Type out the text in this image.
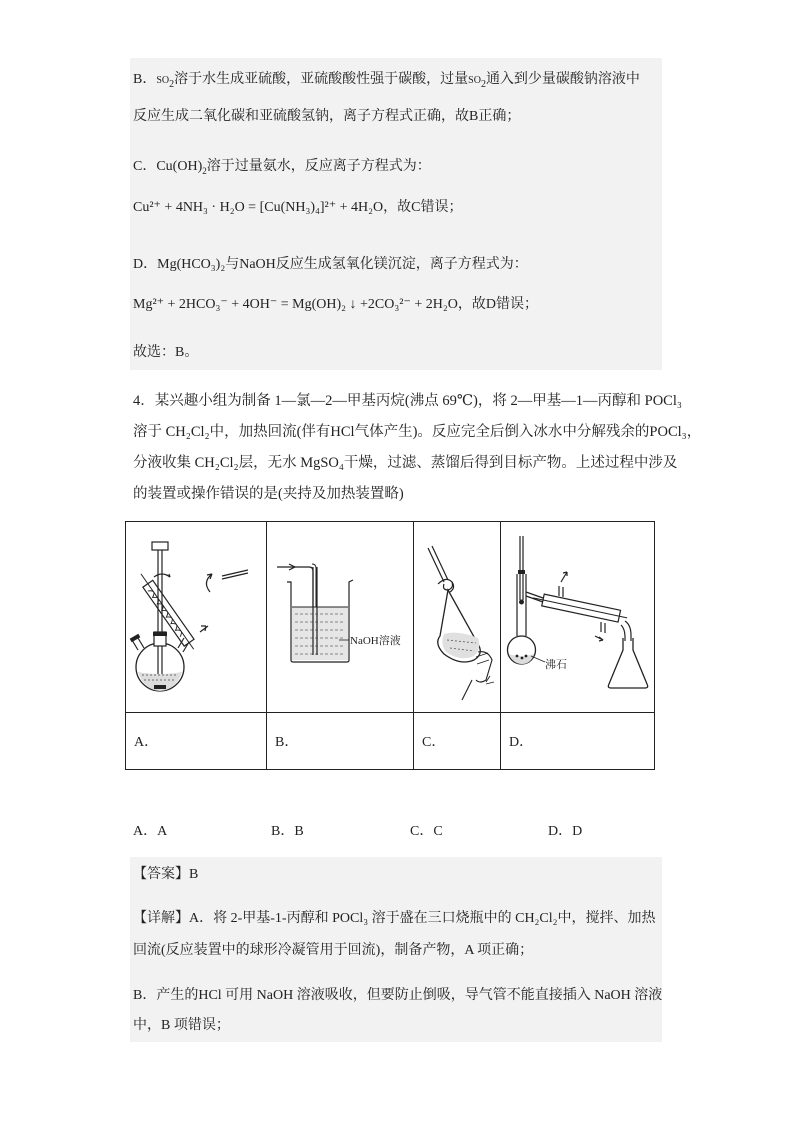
B．$SO_2$溶于水生成亚硫酸，亚硫酸酸性强于碳酸，过量$SO_2$通入到少量碳酸钠溶液中
反应生成二氧化碳和亚硫酸氢钠，离子方程式正确，故B正确；
C．$Cu(OH)_2$溶于过量氨水，反应离子方程式为：
Cu²⁺ + 4NH₃ · H₂O = [Cu(NH₃)₄]²⁺ + 4H₂O，故C错误；
D．Mg(HCO₃)₂与NaOH反应生成氢氧化镁沉淀，离子方程式为：
Mg²⁺ + 2HCO₃⁻ + 4OH⁻ = Mg(OH)₂ ↓ +2CO₃²⁻ + 2H₂O，故D错误；
故选：B。
4．某兴趣小组为制备 1—氯—2—甲基丙烷(沸点 69℃)，将 2—甲基—1—丙醇和 POCl₃
溶于 CH₂Cl₂中，加热回流(伴有HCl气体产生)。反应完全后倒入冰水中分解残余的POCl₃，
分液收集 CH₂Cl₂层，无水 MgSO₄干燥，过滤、蒸馏后得到目标产物。上述过程中涉及
的装置或操作错误的是(夹持及加热装置略)

NaOH溶液		沸石

A．	B．	C．	D．
A．A	B．B	C．C	D．D
【答案】B
【详解】A．将 2-甲基-1-丙醇和 POCl₃ 溶于盛在三口烧瓶中的 CH₂Cl₂中，搅拌、加热
回流(反应装置中的球形冷凝管用于回流)，制备产物，A 项正确；
B．产生的HCl 可用 NaOH 溶液吸收，但要防止倒吸，导气管不能直接插入 NaOH 溶液
中，B 项错误；
